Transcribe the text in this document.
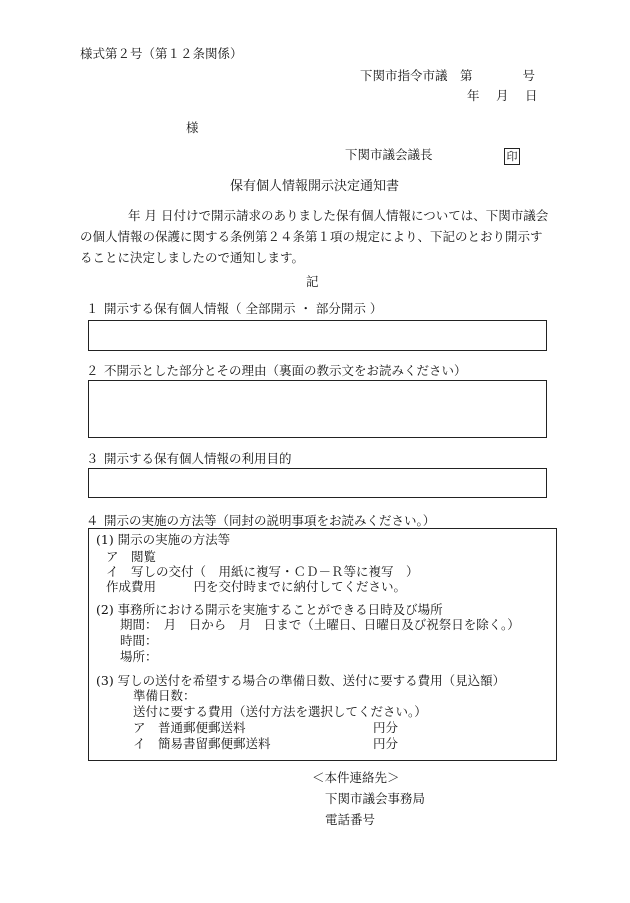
様式第２号（第１２条関係）
下関市指令市議　第　　　　号
年　 月　 日
様
下関市議会議長	印
保有個人情報開示決定通知書
年 月 日付けで開示請求のありました保有個人情報については、下関市議会の個人情報の保護に関する条例第２４条第１項の規定により、下記のとおり開示することに決定しましたので通知します。
記
１ 開示する保有個人情報（ 全部開示 ・ 部分開示 ）
２ 不開示とした部分とその理由（裏面の教示文をお読みください）
３ 開示する保有個人情報の利用目的
４ 開示の実施の方法等（同封の説明事項をお読みください。）
(1) 開示の実施の方法等
ア　閲覧
イ　写しの交付（　用紙に複写・ＣＤ－Ｒ等に複写　）
作成費用　　　円を交付時までに納付してください。
(2) 事務所における開示を実施することができる日時及び場所
期間：　月　日から　月　日まで（土曜日、日曜日及び祝祭日を除く。）
時間：
場所：
(3) 写しの送付を希望する場合の準備日数、送付に要する費用（見込額）
準備日数：
送付に要する費用（送付方法を選択してください。）
ア　普通郵便郵送料	円分
イ　簡易書留郵便郵送料	円分
＜本件連絡先＞
下関市議会事務局
電話番号
